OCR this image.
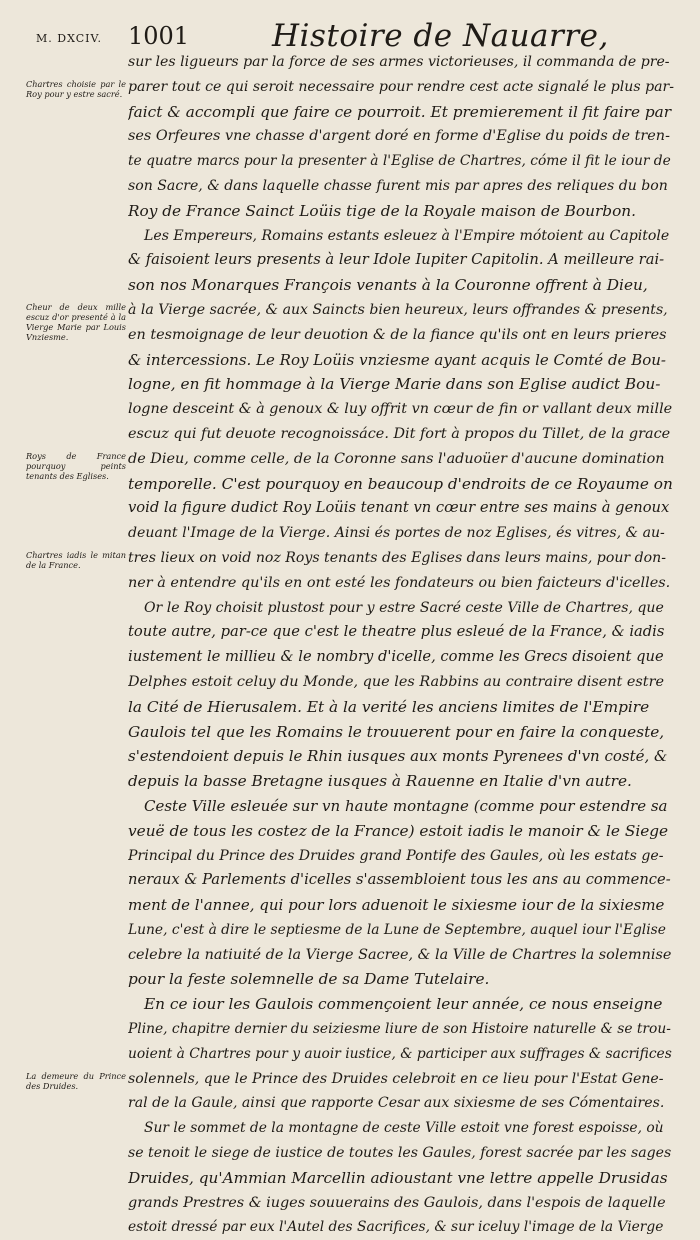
M. DXCIV. 1001	Histoire de Nauarre,
Chartres choisie par le Roy pour y estre sacré.
Cheur de deux mille escuz d'or presenté à la Vierge Marie par Louis Vnziesme.
Roys de France pourquoy peints tenants des Eglises.
Chartres iadis le mitan de la France.
La demeure du Prince des Druides.
sur les ligueurs par la force de ses armes victorieuses, il commanda de pre-
parer tout ce qui seroit necessaire pour rendre cest acte signalé le plus par-
faict & accompli que faire ce pourroit. Et premierement il fit faire par
ses Orfeures vne chasse d'argent doré en forme d'Eglise du poids de tren-
te quatre marcs pour la presenter à l'Eglise de Chartres, cóme il fit le iour de
son Sacre, & dans laquelle chasse furent mis par apres des reliques du bon
Roy de France Sainct Loüis tige de la Royale maison de Bourbon.
Les Empereurs, Romains estants esleuez à l'Empire mótoient au Capitole
& faisoient leurs presents à leur Idole Iupiter Capitolin. A meilleure rai-
son nos Monarques François venants à la Couronne offrent à Dieu,
à la Vierge sacrée, & aux Saincts bien heureux, leurs offrandes & presents,
en tesmoignage de leur deuotion & de la fiance qu'ils ont en leurs prieres
& intercessions. Le Roy Loüis vnziesme ayant acquis le Comté de Bou-
logne, en fit hommage à la Vierge Marie dans son Eglise audict Bou-
logne desceint & à genoux & luy offrit vn cœur de fin or vallant deux mille
escuz qui fut deuote recognoissáce. Dit fort à propos du Tillet, de la grace
de Dieu, comme celle, de la Coronne sans l'aduoüer d'aucune domination
temporelle. C'est pourquoy en beaucoup d'endroits de ce Royaume on
void la figure dudict Roy Loüis tenant vn cœur entre ses mains à genoux
deuant l'Image de la Vierge. Ainsi és portes de noz Eglises, és vitres, & au-
tres lieux on void noz Roys tenants des Eglises dans leurs mains, pour don-
ner à entendre qu'ils en ont esté les fondateurs ou bien faicteurs d'icelles.
Or le Roy choisit plustost pour y estre Sacré ceste Ville de Chartres, que
toute autre, par-ce que c'est le theatre plus esleué de la France, & iadis
iustement le millieu & le nombry d'icelle, comme les Grecs disoient que
Delphes estoit celuy du Monde, que les Rabbins au contraire disent estre
la Cité de Hierusalem. Et à la verité les anciens limites de l'Empire
Gaulois tel que les Romains le trouuerent pour en faire la conqueste,
s'estendoient depuis le Rhin iusques aux monts Pyrenees d'vn costé, &
depuis la basse Bretagne iusques à Rauenne en Italie d'vn autre.
Ceste Ville esleuée sur vn haute montagne (comme pour estendre sa
veuë de tous les costez de la France) estoit iadis le manoir & le Siege
Principal du Prince des Druides grand Pontife des Gaules, où les estats ge-
neraux & Parlements d'icelles s'assembloient tous les ans au commence-
ment de l'annee, qui pour lors aduenoit le sixiesme iour de la sixiesme
Lune, c'est à dire le septiesme de la Lune de Septembre, auquel iour l'Eglise
celebre la natiuité de la Vierge Sacree, & la Ville de Chartres la solemnise
pour la feste solemnelle de sa Dame Tutelaire.
En ce iour les Gaulois commençoient leur année, ce nous enseigne
Pline, chapitre dernier du seiziesme liure de son Histoire naturelle & se trou-
uoient à Chartres pour y auoir iustice, & participer aux suffrages & sacrifices
solennels, que le Prince des Druides celebroit en ce lieu pour l'Estat Gene-
ral de la Gaule, ainsi que rapporte Cesar aux sixiesme de ses Cómentaires.
Sur le sommet de la montagne de ceste Ville estoit vne forest espoisse, où
se tenoit le siege de iustice de toutes les Gaules, forest sacrée par les sages
Druides, qu'Ammian Marcellin adioustant vne lettre appelle Drusidas
grands Prestres & iuges souuerains des Gaulois, dans l'espois de laquelle
estoit dressé par eux l'Autel des Sacrifices, & sur iceluy l'image de la Vierge
